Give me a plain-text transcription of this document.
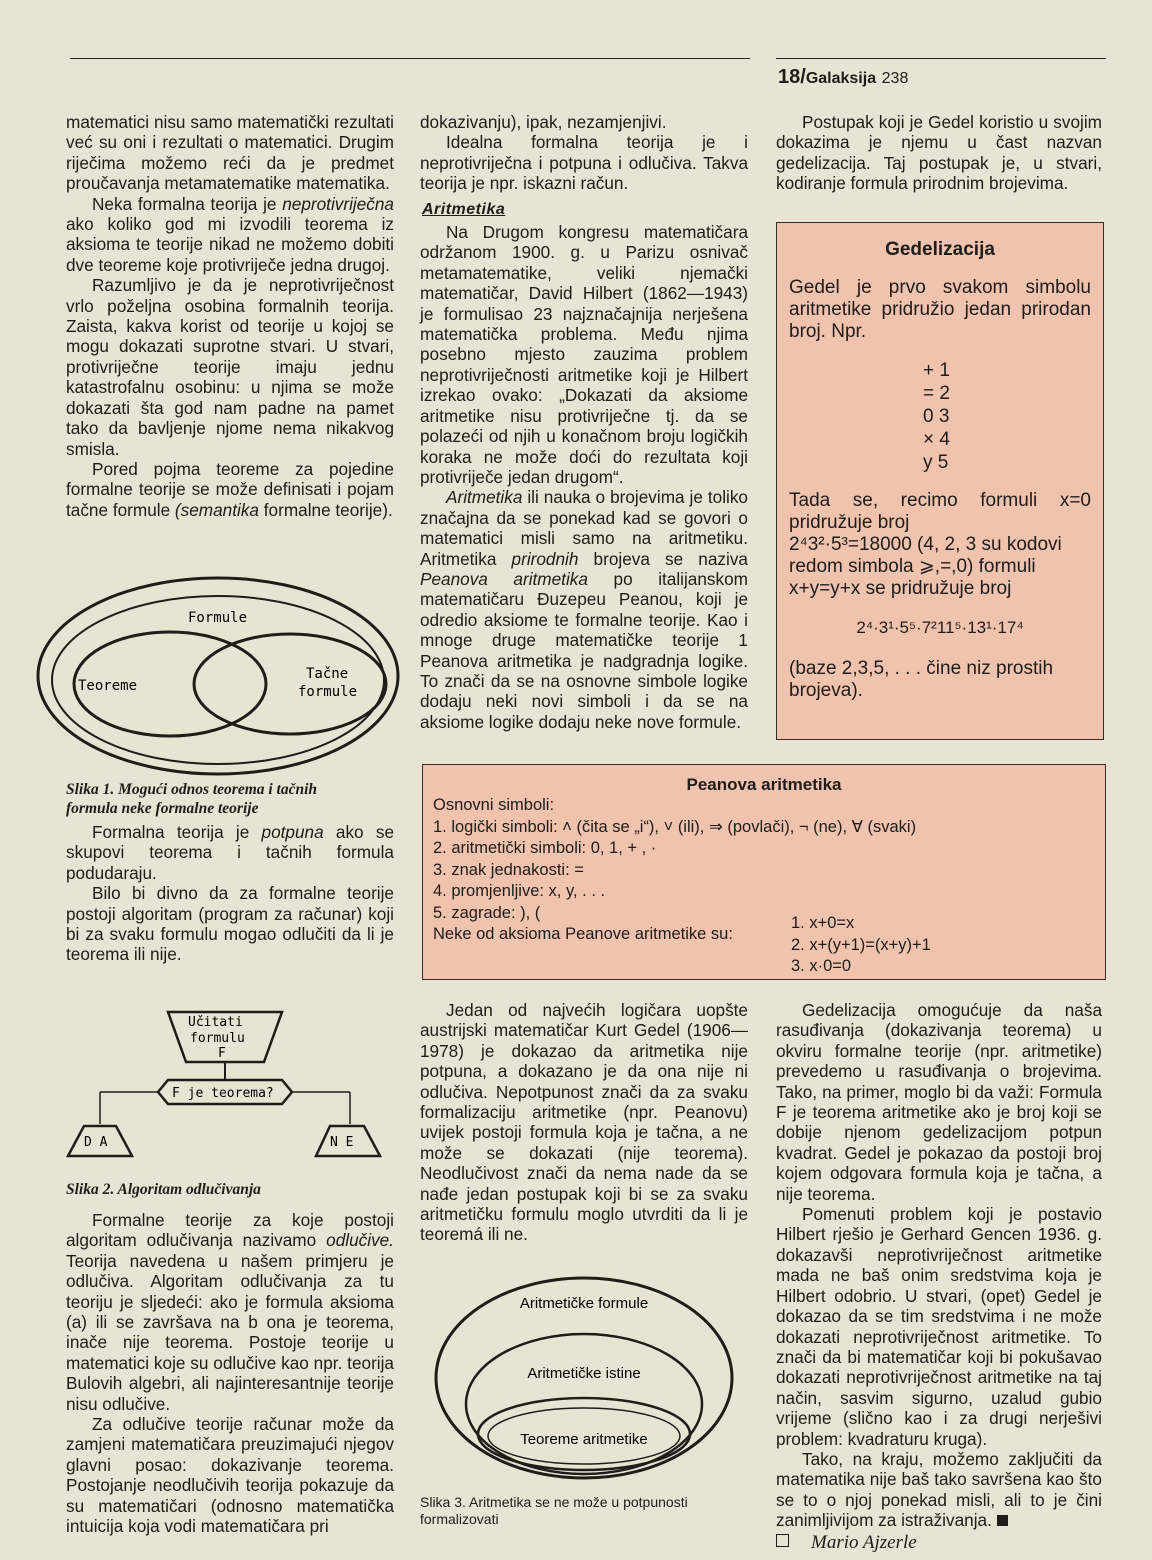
18/Galaksija 238

matematici nisu samo matematički rezultati već su oni i rezultati o matematici. Drugim riječima možemo reći da je predmet proučavanja metamatematike matematika.

Neka formalna teorija je neprotivriječna ako koliko god mi izvodili teorema iz aksioma te teorije nikad ne možemo dobiti dve teoreme koje protivriječe jedna drugoj.

Razumljivo je da je neprotivriječnost vrlo poželjna osobina formalnih teorija. Zaista, kakva korist od teorije u kojoj se mogu dokazati suprotne stvari. U stvari, protivriječne teorije imaju jednu katastrofalnu osobinu: u njima se može dokazati šta god nam padne na pamet tako da bavljenje njome nema nikakvog smisla.

Pored pojma teoreme za pojedine formalne teorije se može definisati i pojam tačne formule (semantika formalne teorije).

Formule
Teoreme
Tačne
formule
Slika 1. Mogući odnos teorema i tačnih
formula neke formalne teorije

Formalna teorija je potpuna ako se skupovi teorema i tačnih formula podudaraju.

Bilo bi divno da za formalne teorije postoji algoritam (program za računar) koji bi za svaku formulu mogao odlučiti da li je teorema ili nije.

Učitati
formulu
F
F je teorema?
D A	N E
Slika 2. Algoritam odlučivanja

Formalne teorije za koje postoji algoritam odlučivanja nazivamo odlučive. Teorija navedena u našem primjeru je odlučiva. Algoritam odlučivanja za tu teoriju je sljedeći: ako je formula aksioma (a) ili se završava na b ona je teorema, inače nije teorema. Postoje teorije u matematici koje su odlučive kao npr. teorija Bulovih algebri, ali najinteresantnije teorije nisu odlučive.

Za odlučive teorije računar može da zamjeni matematičara preuzimajući njegov glavni posao: dokazivanje teorema. Postojanje neodlučivih teorija pokazuje da su matematičari (odnosno matematička intuicija koja vodi matematičara pri

dokazivanju), ipak, nezamjenjivi.

Idealna formalna teorija je i neprotivriječna i potpuna i odlučiva. Takva teorija je npr. iskazni račun.

Aritmetika

Na Drugom kongresu matematičara održanom 1900. g. u Parizu osnivač metamatematike, veliki njemački matematičar, David Hilbert (1862—1943) je formulisao 23 najznačajnija nerješena matematička problema. Među njima posebno mjesto zauzima problem neprotivriječnosti aritmetike koji je Hilbert izrekao ovako: „Dokazati da aksiome aritmetike nisu protivriječne tj. da se polazeći od njih u konačnom broju logičkih koraka ne može doći do rezultata koji protivriječe jedan drugom“.

Aritmetika ili nauka o brojevima je toliko značajna da se ponekad kad se govori o matematici misli samo na aritmetiku. Aritmetika prirodnih brojeva se naziva Peanova aritmetika po italijanskom matematičaru Đuzepeu Peanou, koji je odredio aksiome te formalne teorije. Kao i mnoge druge matematičke teorije 1 Peanova aritmetika je nadgradnja logike. To znači da se na osnovne simbole logike dodaju neki novi simboli i da se na aksiome logike dodaju neke nove formule.

Gedelizacija
Gedel je prvo svakom simbolu aritmetike pridružio jedan prirodan broj. Npr.
+ 1
= 2
0 3
× 4
y 5
Tada se, recimo formuli x=0 pridružuje broj
2⁴3²·5³=18000 (4, 2, 3 su kodovi redom simbola ⩾,=,0) formuli x+y=y+x se pridružuje broj
2⁴·3¹·5⁵·7²11⁵·13¹·17⁴
(baze 2,3,5, . . . čine niz prostih brojeva).

Postupak koji je Gedel koristio u svojim dokazima je njemu u čast nazvan gedelizacija. Taj postupak je, u stvari, kodiranje formula prirodnim brojevima.

Peanova aritmetika
Osnovni simboli:
1. logički simboli: ˄ (čita se „i“), ˅ (ili), ⇒ (povlači), ¬ (ne), ∀ (svaki)
2. aritmetički simboli: 0, 1, + , ·
3. znak jednakosti: =
4. promjenljive: x, y, . . .
5. zagrade: ), (
Neke od aksioma Peanove aritmetike su:
1. x+0=x
2. x+(y+1)=(x+y)+1
3. x·0=0

Jedan od najvećih logičara uopšte austrijski matematičar Kurt Gedel (1906—1978) je dokazao da aritmetika nije potpuna, a dokazano je da ona nije ni odlučiva. Nepotpunost znači da za svaku formalizaciju aritmetike (npr. Peanovu) uvijek postoji formula koja je tačna, a ne može se dokazati (nije teorema). Neodlučivost znači da nema nade da se nađe jedan postupak koji bi se za svaku aritmetičku formulu moglo utvrditi da li je teoremá ili ne.

Aritmetičke formule
Aritmetičke istine
Teoreme aritmetike
Slika 3. Aritmetika se ne može u potpunosti formalizovati

Gedelizacija omogućuje da naša rasuđivanja (dokazivanja teorema) u okviru formalne teorije (npr. aritmetike) prevedemo u rasuđivanja o brojevima. Tako, na primer, moglo bi da važi: Formula F je teorema aritmetike ako je broj koji se dobije njenom gedelizacijom potpun kvadrat. Gedel je pokazao da postoji broj kojem odgovara formula koja je tačna, a nije teorema.

Pomenuti problem koji je postavio Hilbert rješio je Gerhard Gencen 1936. g. dokazavši neprotivriječnost aritmetike mada ne baš onim sredstvima koja je Hilbert odobrio. U stvari, (opet) Gedel je dokazao da se tim sredstvima i ne može dokazati neprotivriječnost aritmetike. To znači da bi matematičar koji bi pokušavao dokazati neprotivriječnost aritmetike na taj način, sasvim sigurno, uzalud gubio vrijeme (slično kao i za drugi nerješivi problem: kvadraturu kruga).

Tako, na kraju, možemo zaključiti da matematika nije baš tako savršena kao što se to o njoj ponekad misli, ali to je čini zanimljivijom za istraživanja.

Mario Ajzerle
